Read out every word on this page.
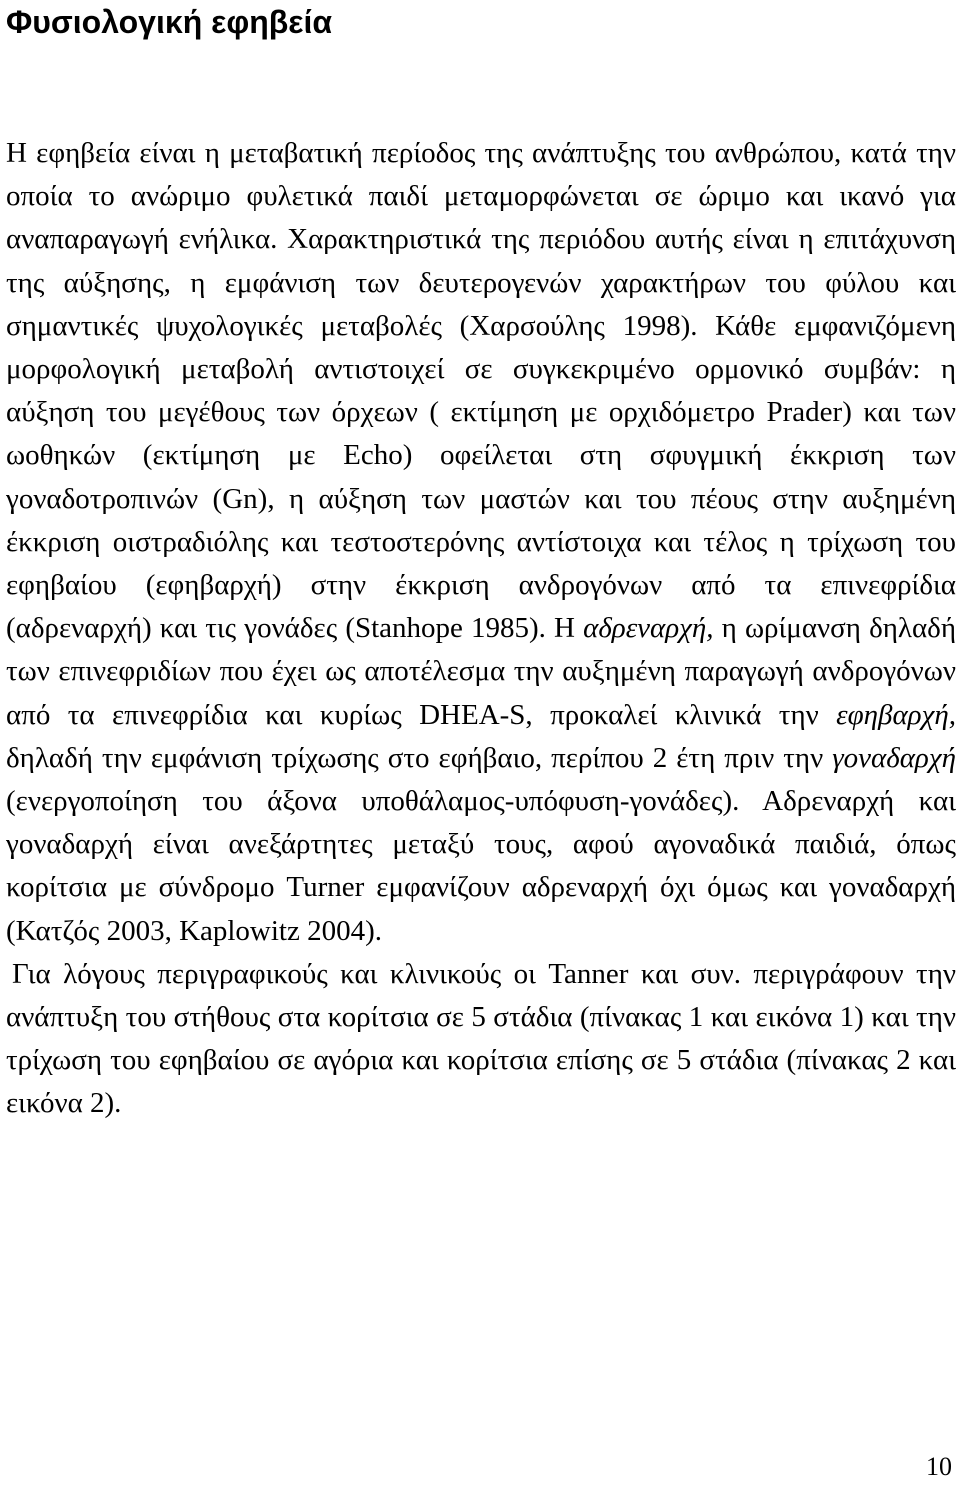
Φυσιολογική εφηβεία

Η εφηβεία είναι η μεταβατική περίοδος της ανάπτυξης του ανθρώπου, κατά την οποία το ανώριμο φυλετικά παιδί μεταμορφώνεται σε ώριμο και ικανό για αναπαραγωγή ενήλικα. Χαρακτηριστικά της περιόδου αυτής είναι η επιτάχυνση της αύξησης, η εμφάνιση των δευτερογενών χαρακτήρων του φύλου και σημαντικές ψυχολογικές μεταβολές (Χαρσούλης 1998). Κάθε εμφανιζόμενη μορφολογική μεταβολή αντιστοιχεί σε συγκεκριμένο ορμονικό συμβάν: η αύξηση του μεγέθους των όρχεων ( εκτίμηση με ορχιδόμετρο Prader) και των ωοθηκών (εκτίμηση με Echo) οφείλεται στη σφυγμική έκκριση των γοναδοτροπινών (Gn), η αύξηση των μαστών και του πέους στην αυξημένη έκκριση οιστραδιόλης και τεστοστερόνης αντίστοιχα και τέλος η τρίχωση του εφηβαίου (εφηβαρχή) στην έκκριση ανδρογόνων από τα επινεφρίδια (αδρεναρχή) και τις γονάδες (Stanhope 1985). Η αδρεναρχή, η ωρίμανση δηλαδή των επινεφριδίων που έχει ως αποτέλεσμα την αυξημένη παραγωγή ανδρογόνων από τα επινεφρίδια και κυρίως DHEA-S, προκαλεί κλινικά την εφηβαρχή, δηλαδή την εμφάνιση τρίχωσης στο εφήβαιο, περίπου 2 έτη πριν την γοναδαρχή (ενεργοποίηση του άξονα υποθάλαμος-υπόφυση-γονάδες). Αδρεναρχή και γοναδαρχή είναι ανεξάρτητες μεταξύ τους, αφού αγοναδικά παιδιά, όπως κορίτσια με σύνδρομο Turner εμφανίζουν αδρεναρχή όχι όμως και γοναδαρχή (Κατζός 2003, Kaplowitz 2004).

Για λόγους περιγραφικούς και κλινικούς οι Tanner και συν. περιγράφουν την ανάπτυξη του στήθους στα κορίτσια σε 5 στάδια (πίνακας 1 και εικόνα 1) και την τρίχωση του εφηβαίου σε αγόρια και κορίτσια επίσης σε 5 στάδια (πίνακας 2 και εικόνα 2).

10
